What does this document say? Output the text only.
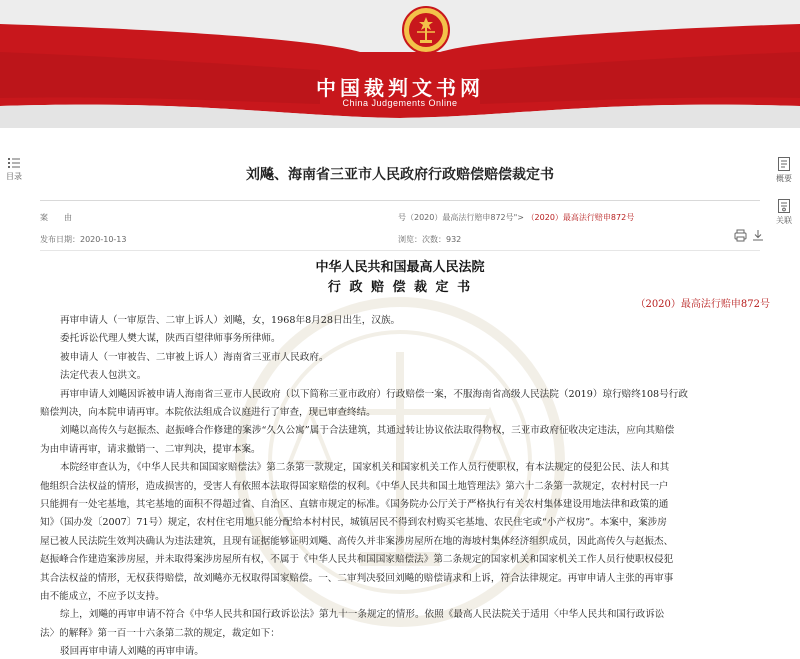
中国裁判文书网
China Judgements Online
目录	概要
关联
刘飚、海南省三亚市人民政府行政赔偿赔偿裁定书
案　　由	号（2020）最高法行赔申872号"> （2020）最高法行赔申872号
发布日期：2020-10-13	浏览：次数：932
中华人民共和国最高人民法院
行 政 赔 偿 裁 定 书
（2020）最高法行赔申872号
再审申请人（一审原告、二审上诉人）刘飚，女，1968年8月28日出生，汉族。
委托诉讼代理人樊大谋，陕西百望律师事务所律师。
被申请人（一审被告、二审被上诉人）海南省三亚市人民政府。
法定代表人包洪文。
再审申请人刘飚因诉被申请人海南省三亚市人民政府（以下简称三亚市政府）行政赔偿一案，不服海南省高级人民法院（2019）琼行赔终108号行政
赔偿判决，向本院申请再审。本院依法组成合议庭进行了审查，现已审查终结。
刘飚以高传久与赵振杰、赵振峰合作修建的案涉“久久公寓”属于合法建筑，其通过转让协议依法取得物权，三亚市政府征收决定违法，应向其赔偿
为由申请再审，请求撤销一、二审判决，提审本案。
本院经审查认为，《中华人民共和国国家赔偿法》第二条第一款规定，国家机关和国家机关工作人员行使职权，有本法规定的侵犯公民、法人和其
他组织合法权益的情形，造成损害的，受害人有依照本法取得国家赔偿的权利。《中华人民共和国土地管理法》第六十二条第一款规定，农村村民一户
只能拥有一处宅基地，其宅基地的面积不得超过省、自治区、直辖市规定的标准。《国务院办公厅关于严格执行有关农村集体建设用地法律和政策的通
知》（国办发〔2007〕71号）规定，农村住宅用地只能分配给本村村民，城镇居民不得到农村购买宅基地、农民住宅或“小产权房”。本案中，案涉房
屋已被人民法院生效判决确认为违法建筑，且现有证据能够证明刘飚、高传久并非案涉房屋所在地的海坡村集体经济组织成员，因此高传久与赵振杰、
赵振峰合作建造案涉房屋，并未取得案涉房屋所有权，不属于《中华人民共和国国家赔偿法》第二条规定的国家机关和国家机关工作人员行使职权侵犯
其合法权益的情形，无权获得赔偿，故刘飚亦无权取得国家赔偿。一、二审判决驳回刘飚的赔偿请求和上诉，符合法律规定。再审申请人主张的再审事
由不能成立，不应予以支持。
综上，刘飚的再审申请不符合《中华人民共和国行政诉讼法》第九十一条规定的情形。依照《最高人民法院关于适用〈中华人民共和国行政诉讼
法〉的解释》第一百一十六条第二款的规定，裁定如下：
驳回再审申请人刘飚的再审申请。
